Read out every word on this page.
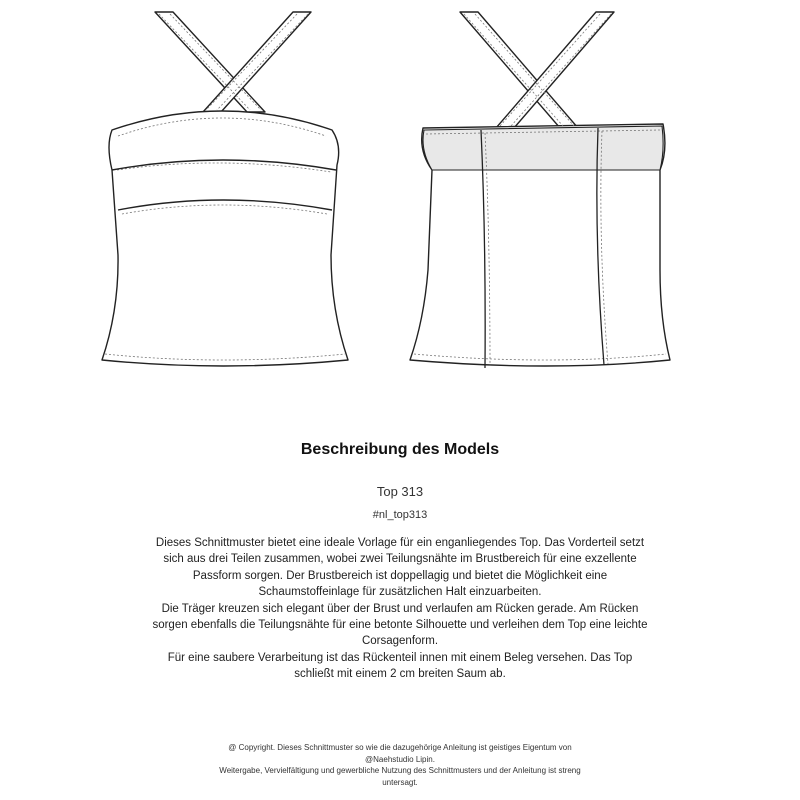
Beschreibung des Models
Top 313
#nl_top313
Dieses Schnittmuster bietet eine ideale Vorlage für ein enganliegendes Top. Das Vorderteil setzt
sich aus drei Teilen zusammen, wobei zwei Teilungsnähte im Brustbereich für eine exzellente
Passform sorgen. Der Brustbereich ist doppellagig und bietet die Möglichkeit eine
Schaumstoffeinlage für zusätzlichen Halt einzuarbeiten.
Die Träger kreuzen sich elegant über der Brust und verlaufen am Rücken gerade. Am Rücken
sorgen ebenfalls die Teilungsnähte für eine betonte Silhouette und verleihen dem Top eine leichte
Corsagenform.
Für eine saubere Verarbeitung ist das Rückenteil innen mit einem Beleg versehen. Das Top
schließt mit einem 2 cm breiten Saum ab.
@ Copyright. Dieses Schnittmuster so wie die dazugehörige Anleitung ist geistiges Eigentum von
@Naehstudio Lipin.
Weitergabe, Vervielfältigung und gewerbliche Nutzung des Schnittmusters und der Anleitung ist streng
untersagt.
